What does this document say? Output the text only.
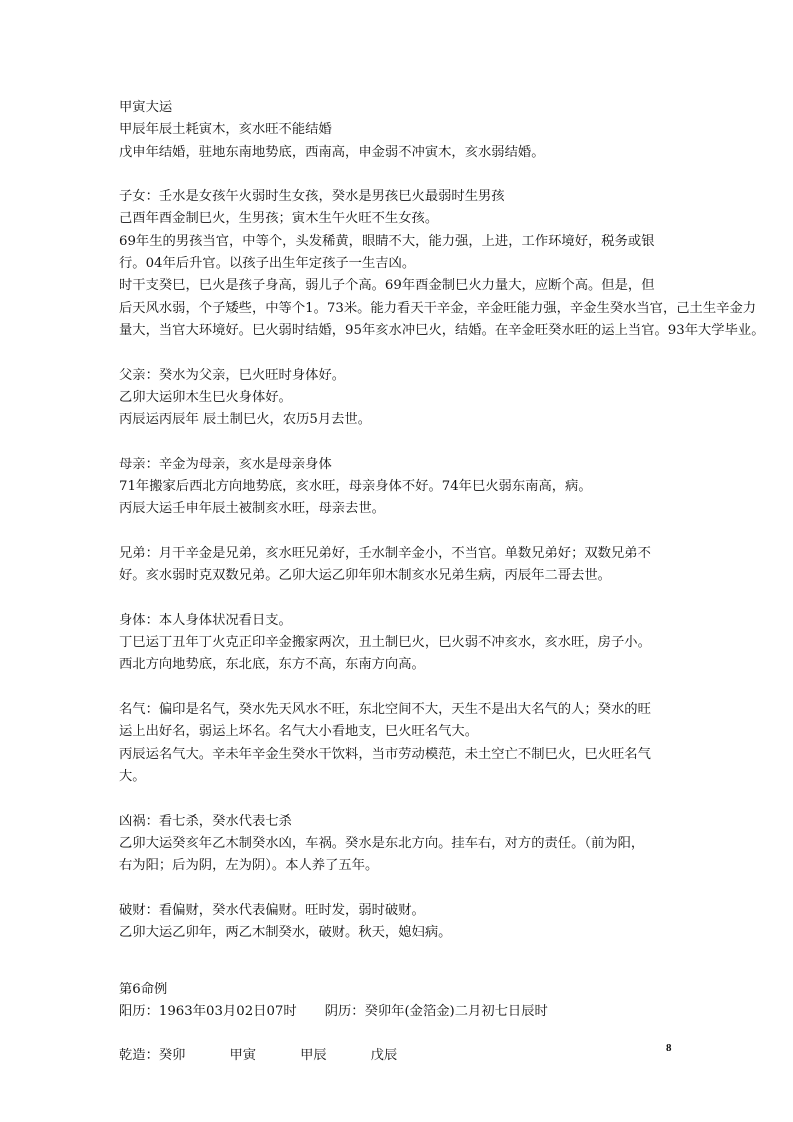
甲寅大运
甲辰年辰土耗寅木，亥水旺不能结婚
戊申年结婚，驻地东南地势底，西南高，申金弱不冲寅木，亥水弱结婚。
子女：壬水是女孩午火弱时生女孩，癸水是男孩巳火最弱时生男孩
己酉年酉金制巳火，生男孩；寅木生午火旺不生女孩。
69年生的男孩当官，中等个，头发稀黄，眼睛不大，能力强，上进，工作环境好，税务或银
行。04年后升官。以孩子出生年定孩子一生吉凶。
时干支癸巳，巳火是孩子身高，弱儿子个高。69年酉金制巳火力量大，应断个高。但是，但
后天风水弱，个子矮些，中等个1。73米。能力看天干辛金，辛金旺能力强，辛金生癸水当官，己土生辛金力
量大，当官大环境好。巳火弱时结婚，95年亥水冲巳火，结婚。在辛金旺癸水旺的运上当官。93年大学毕业。
父亲：癸水为父亲，巳火旺时身体好。
乙卯大运卯木生巳火身体好。
丙辰运丙辰年 辰土制巳火，农历5月去世。
母亲：辛金为母亲，亥水是母亲身体
71年搬家后西北方向地势底，亥水旺，母亲身体不好。74年巳火弱东南高，病。
丙辰大运壬申年辰土被制亥水旺，母亲去世。
兄弟：月干辛金是兄弟，亥水旺兄弟好，壬水制辛金小，不当官。单数兄弟好；双数兄弟不
好。亥水弱时克双数兄弟。乙卯大运乙卯年卯木制亥水兄弟生病，丙辰年二哥去世。
身体：本人身体状况看日支。
丁巳运丁丑年丁火克正印辛金搬家两次，丑土制巳火，巳火弱不冲亥水，亥水旺，房子小。
西北方向地势底，东北底，东方不高，东南方向高。
名气：偏印是名气，癸水先天风水不旺，东北空间不大，天生不是出大名气的人；癸水的旺
运上出好名，弱运上坏名。名气大小看地支，巳火旺名气大。
丙辰运名气大。辛未年辛金生癸水干饮料，当市劳动模范，未土空亡不制巳火，巳火旺名气
大。
凶祸：看七杀，癸水代表七杀
乙卯大运癸亥年乙木制癸水凶，车祸。癸水是东北方向。挂车右，对方的责任。（前为阳，
右为阳；后为阴，左为阴）。本人养了五年。
破财：看偏财，癸水代表偏财。旺时发，弱时破财。
乙卯大运乙卯年，两乙木制癸水，破财。秋天，媳妇病。
第6命例
阳历：1963年03月02日07时 阴历：癸卯年(金箔金)二月初七日辰时
乾造：癸卯	甲寅	甲辰	戊辰
8
